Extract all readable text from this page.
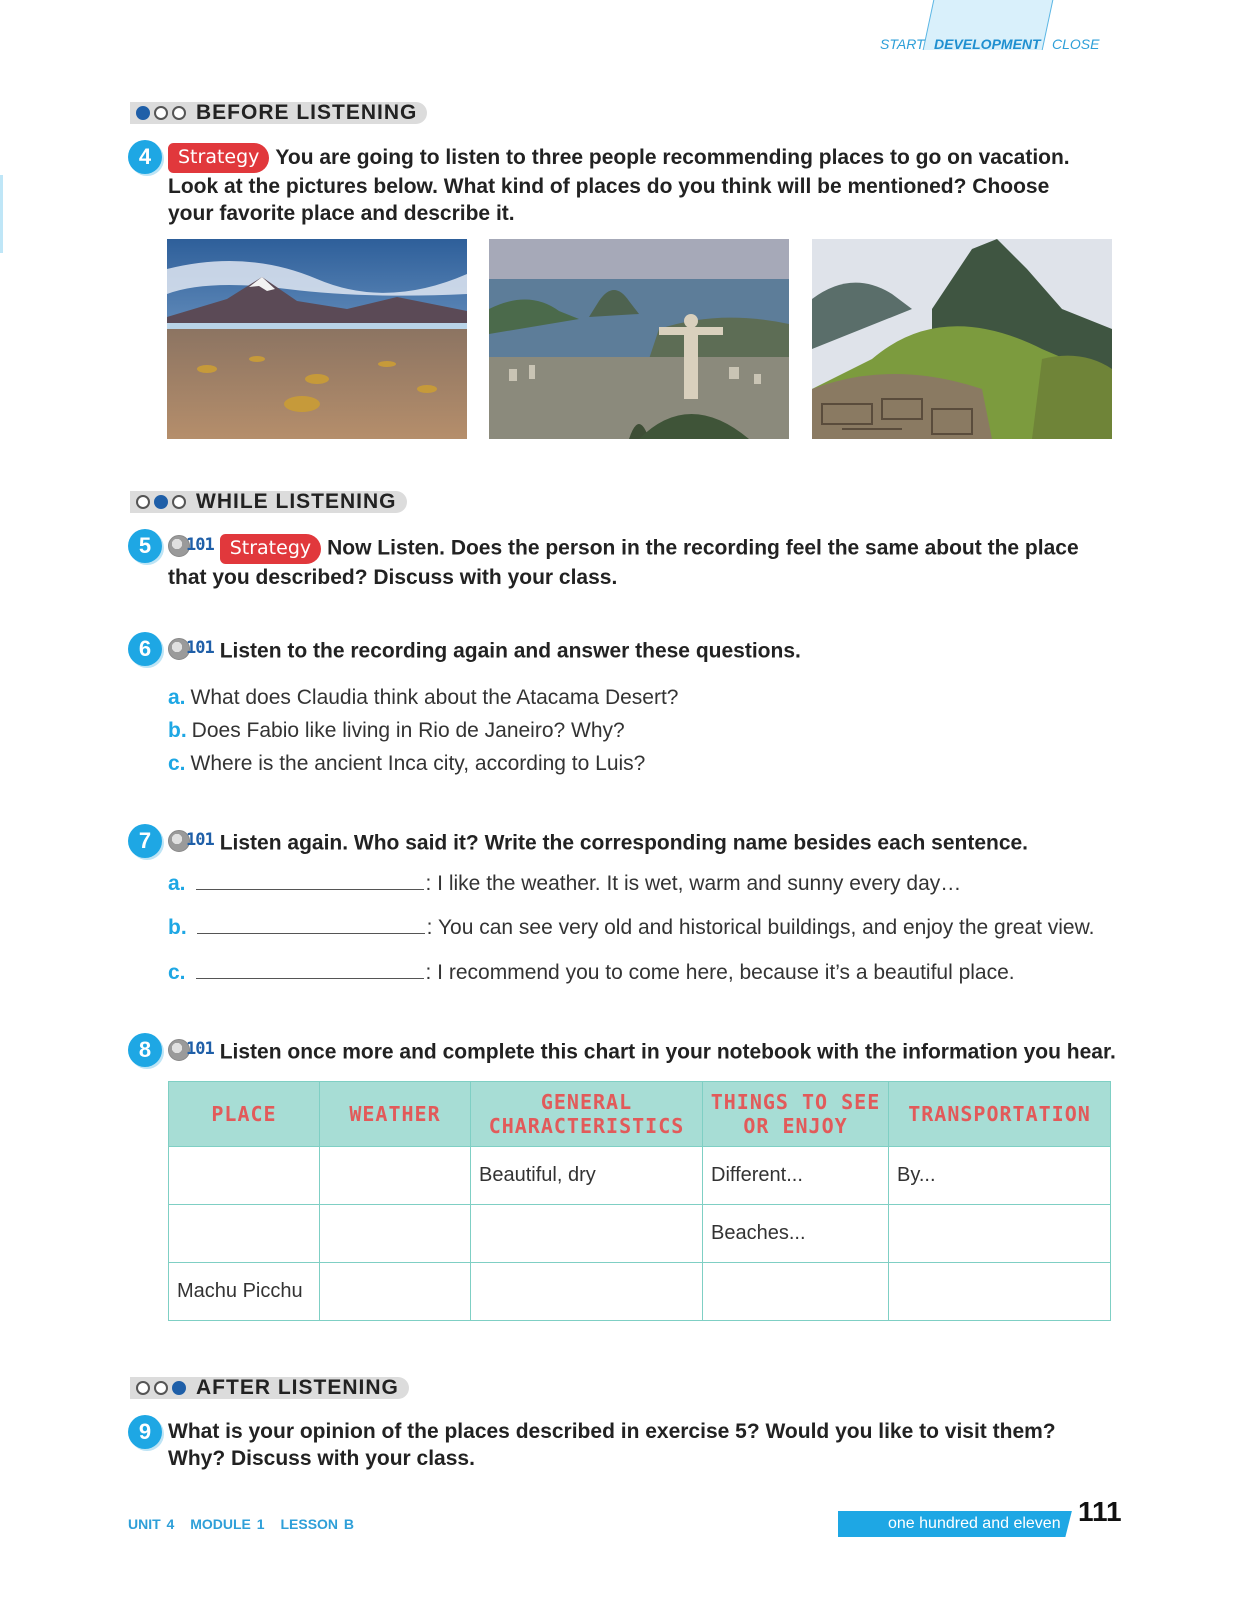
START DEVELOPMENT CLOSE
BEFORE LISTENING
4	Strategy You are going to listen to three people recommending places to go on vacation.
Look at the pictures below. What kind of places do you think will be mentioned? Choose
your favorite place and describe it.
WHILE LISTENING
5	101 Strategy Now Listen. Does the person in the recording feel the same about the place
that you described? Discuss with your class.
6	101 Listen to the recording again and answer these questions.
a. What does Claudia think about the Atacama Desert?
b. Does Fabio like living in Rio de Janeiro? Why?
c. Where is the ancient Inca city, according to Luis?
7	101 Listen again. Who said it? Write the corresponding name besides each sentence.
a.	: I like the weather. It is wet, warm and sunny every day…
b.	: You can see very old and historical buildings, and enjoy the great view.
c.	: I recommend you to come here, because it’s a beautiful place.
8	101 Listen once more and complete this chart in your notebook with the information you hear.
PLACE	WEATHER	GENERAL CHARACTERISTICS	THINGS TO SEE OR ENJOY	TRANSPORTATION
		Beautiful, dry	Different...	By...
			Beaches...	
Machu Picchu				
AFTER LISTENING
9 What is your opinion of the places described in exercise 5? Would you like to visit them?
Why? Discuss with your class.
UNIT 4 MODULE 1 LESSON B	one hundred and eleven 111
